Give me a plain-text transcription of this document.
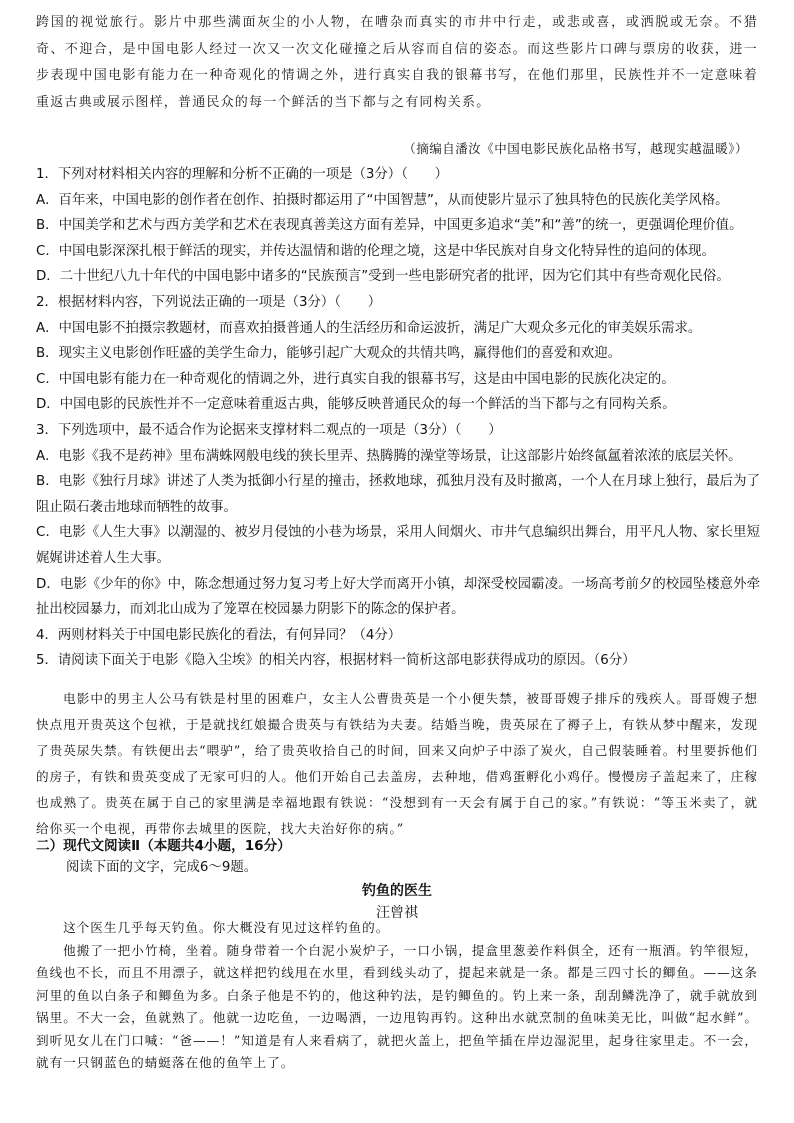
跨国的视觉旅行。影片中那些满面灰尘的小人物，在嘈杂而真实的市井中行走，或悲或喜，或洒脱或无奈。不猎奇、不迎合，是中国电影人经过一次又一次文化碰撞之后从容而自信的姿态。而这些影片口碑与票房的收获，进一步表现中国电影有能力在一种奇观化的情调之外，进行真实自我的银幕书写，在他们那里，民族性并不一定意味着重返古典或展示图样，普通民众的每一个鲜活的当下都与之有同构关系。

（摘编自潘汝《中国电影民族化品格书写，越现实越温暖》）

1．下列对材料相关内容的理解和分析不正确的一项是（3分）（　　）

A．百年来，中国电影的创作者在创作、拍摄时都运用了“中国智慧”，从而使影片显示了独具特色的民族化美学风格。

B．中国美学和艺术与西方美学和艺术在表现真善美这方面有差异，中国更多追求“美”和“善”的统一，更强调伦理价值。

C．中国电影深深扎根于鲜活的现实，并传达温情和谐的伦理之境，这是中华民族对自身文化特异性的追问的体现。

D．二十世纪八九十年代的中国电影中诸多的“民族预言”受到一些电影研究者的批评，因为它们其中有些奇观化民俗。

2．根据材料内容，下列说法正确的一项是（3分）（　　）

A．中国电影不拍摄宗教题材，而喜欢拍摄普通人的生活经历和命运波折，满足广大观众多元化的审美娱乐需求。

B．现实主义电影创作旺盛的美学生命力，能够引起广大观众的共情共鸣，赢得他们的喜爱和欢迎。

C．中国电影有能力在一种奇观化的情调之外，进行真实自我的银幕书写，这是由中国电影的民族化决定的。

D．中国电影的民族性并不一定意味着重返古典，能够反映普通民众的每一个鲜活的当下都与之有同构关系。

3．下列选项中，最不适合作为论据来支撑材料二观点的一项是（3分）（　　）

A．电影《我不是药神》里布满蛛网般电线的狭长里弄、热腾腾的澡堂等场景，让这部影片始终氤氲着浓浓的底层关怀。

B．电影《独行月球》讲述了人类为抵御小行星的撞击，拯救地球，孤独月没有及时撤离，一个人在月球上独行，最后为了阻止陨石袭击地球而牺牲的故事。

C．电影《人生大事》以潮湿的、被岁月侵蚀的小巷为场景，采用人间烟火、市井气息编织出舞台，用平凡人物、家长里短娓娓讲述着人生大事。

D．电影《少年的你》中，陈念想通过努力复习考上好大学而离开小镇，却深受校园霸凌。一场高考前夕的校园坠楼意外牵扯出校园暴力，而刘北山成为了笼罩在校园暴力阴影下的陈念的保护者。

4．两则材料关于中国电影民族化的看法，有何异同？（4分）

5．请阅读下面关于电影《隐入尘埃》的相关内容，根据材料一简析这部电影获得成功的原因。（6分）

电影中的男主人公马有铁是村里的困难户，女主人公曹贵英是一个小便失禁，被哥哥嫂子排斥的残疾人。哥哥嫂子想快点甩开贵英这个包袱，于是就找红娘撮合贵英与有铁结为夫妻。结婚当晚，贵英尿在了褥子上，有铁从梦中醒来，发现了贵英尿失禁。有铁便出去“喂驴”，给了贵英收拾自己的时间，回来又向炉子中添了炭火，自己假装睡着。村里要拆他们的房子，有铁和贵英变成了无家可归的人。他们开始自己去盖房，去种地，借鸡蛋孵化小鸡仔。慢慢房子盖起来了，庄稼也成熟了。贵英在属于自己的家里满是幸福地跟有铁说：“没想到有一天会有属于自己的家。”有铁说：“等玉米卖了，就给你买一个电视，再带你去城里的医院，找大夫治好你的病。”

二）现代文阅读Ⅱ（本题共4小题，16分）
阅读下面的文字，完成6～9题。
钓鱼的医生
汪曾祺

这个医生几乎每天钓鱼。你大概没有见过这样钓鱼的。

他搬了一把小竹椅，坐着。随身带着一个白泥小炭炉子，一口小锅，提盒里葱姜作料俱全，还有一瓶酒。钓竿很短，鱼线也不长，而且不用漂子，就这样把钓线甩在水里，看到线头动了，提起来就是一条。都是三四寸长的鲫鱼。——这条河里的鱼以白条子和鲫鱼为多。白条子他是不钓的，他这种钓法，是钓鲫鱼的。钓上来一条，刮刮鳞洗净了，就手就放到锅里。不大一会，鱼就熟了。他就一边吃鱼，一边喝酒，一边甩钩再钓。这种出水就烹制的鱼味美无比，叫做“起水鲜”。到听见女儿在门口喊：“爸——！”知道是有人来看病了，就把火盖上，把鱼竿插在岸边湿泥里，起身往家里走。不一会，就有一只钢蓝色的蜻蜓落在他的鱼竿上了。
